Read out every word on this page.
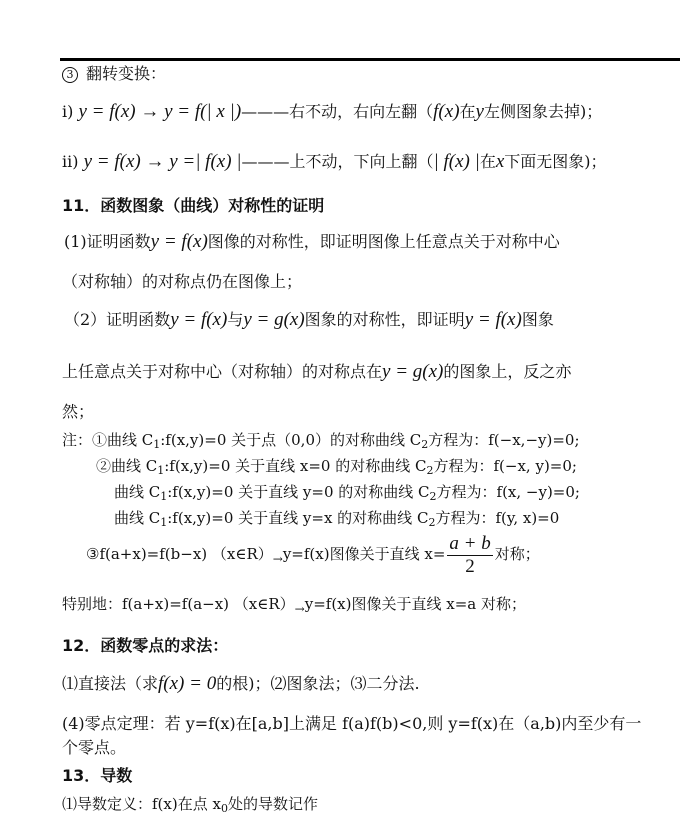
3 翻转变换：
i) y = f(x) → y = f(| x |)———右不动，右向左翻（f(x)在y左侧图象去掉)；
ii) y = f(x) → y =| f(x) |———上不动，下向上翻（| f(x) |在x下面无图象)；
11．函数图象（曲线）对称性的证明
(1)证明函数y = f(x)图像的对称性，即证明图像上任意点关于对称中心
（对称轴）的对称点仍在图像上；
（2）证明函数y = f(x)与y = g(x)图象的对称性，即证明y = f(x)图象
上任意点关于对称中心（对称轴）的对称点在y = g(x)的图象上，反之亦
然；
注：①曲线 $C_1:f(x,y)=0$ 关于点（0,0）的对称曲线 $C_2$方程为：f(−x,−y)=0;
②曲线 $C_1:f(x,y)=0$ 关于直线 x=0 的对称曲线 $C_2$方程为：f(−x, y)=0;
曲线 $C_1:f(x,y)=0$ 关于直线 y=0 的对称曲线 $C_2$方程为：f(x, −y)=0;
曲线 $C_1:f(x,y)=0$ 关于直线 y=x 的对称曲线 $C_2$方程为：f(y, x)=0
③f(a+x)=f(b−x) $(x\in R)_\to y=f(x)$图像关于直线 $x= \frac{a + b}{2}$ 对称；
特别地：f(a+x)=f(a−x) $(x\in R)_\to y=f(x)$图像关于直线 x=a 对称；
12．函数零点的求法：
⑴直接法（求f(x) = 0的根)；⑵图象法；⑶二分法.
(4)零点定理：若 y=f(x)在[a,b]上满足 f(a)f(b)<0,则 y=f(x)在（a,b)内至少有一
个零点。
13．导数
⑴导数定义：f(x)在点 $x_0$处的导数记作
